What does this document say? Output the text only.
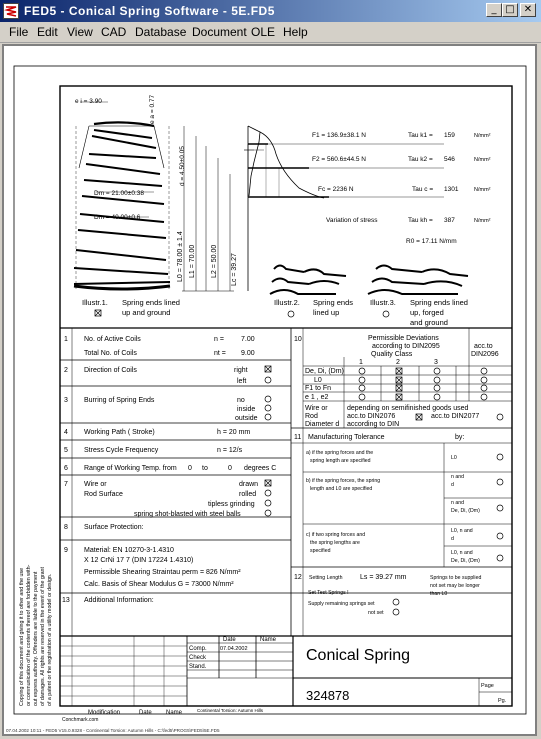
FED5 - Conical Spring Software - 5E.FD5	_ □ ✕
File Edit View CAD Database Document OLE Help
Copying of this document and giving it to other and the use or communication of the contents thereof are forbidden with- out express authority. Offenders are liable to the payment of damages. All rights are reserved in the event of the grant of a patent or the registration of a utility model or design.
e i = 3.90	e a = 0.77
d = 4.50±0.05
Dm = 21.00±0.38
Dm = 40.00±0.6
L0 = 78.00 ± 1.4 L1 = 70.00 L2 = 50.00 Lc = 39.27
F1 = 136.9±38.1 N
F2 = 560.6±44.5 N
Fc = 2236 N
Tau k1 = 159	N/mm²
Tau k2 = 546	N/mm²
Tau c = 1301	N/mm²
Variation of stress	Tau kh = 387	N/mm²
R0 = 17.11 N/mm
Illustr.1. Spring ends lined
up and ground
Illustr.2. Spring ends
lined up
Illustr.3. Spring ends lined
up, forged
and ground
1 No. of Active Coils	n = 7.00
Total No. of Coils	nt = 9.00
2 Direction of Coils	right
left
3 Burring of Spring Ends	no
inside
outside
4 Working Path ( Stroke)	h = 20 mm
5 Stress Cycle Frequency	n = 12/s
6 Range of Working Temp. from 0 to	0 degrees C
7 Wire or
Rod Surface
drawn
rolled
tipless grinding
spring shot-blasted with steel balls
8 Surface Protection:
9 Material: EN 10270-3-1.4310
X 12 CrNi 17 7 (DIN 17224 1.4310)
Permissible Shearing Straintau perm = 826 N/mm²
Calc. Basis of Shear Modulus G = 73000 N/mm²
13 Additional Information:
10	Permissible Deviations
according to DIN2095
Quality Class
acc.to
DIN2096
1	2	3
De, Di, (Dm)
L0
F1 to Fn
e 1 , e2
Wire or
Rod
Diameter d
depending on semifinished goods used
acc.to DIN2076	acc.to DIN2077
according to DIN
11 Manufacturing Tolerance	by:
a) if the spring forces and the
spring length are specified	L0
b) if the spring forces, the spring
length and L0 are specified
n and
d
n and
De, Di, (Dm)
c) if two spring forces and
the spring lengths are
specified
L0, n and
d
L0, n and
De, Di, (Dm)
Setting Length
Set Test Springs !
Supply remaining springs set
not set
Springs to be supplied
not set may be longer
than L0
12	Ls = 39.27 mm
Date	Name
Comp. 07.04.2002
Check
Stand.
Modification	Date Name	Continental Torsion: Autumn Hills
Page
Pg.
Conchmark.com
Conical Spring
324878
07.04.2002 10:11 - FED5 V15.0.9328 - Continental Torsion: Autumn Hills - C:\fed5\PROG5\FED5\5E.FD5
